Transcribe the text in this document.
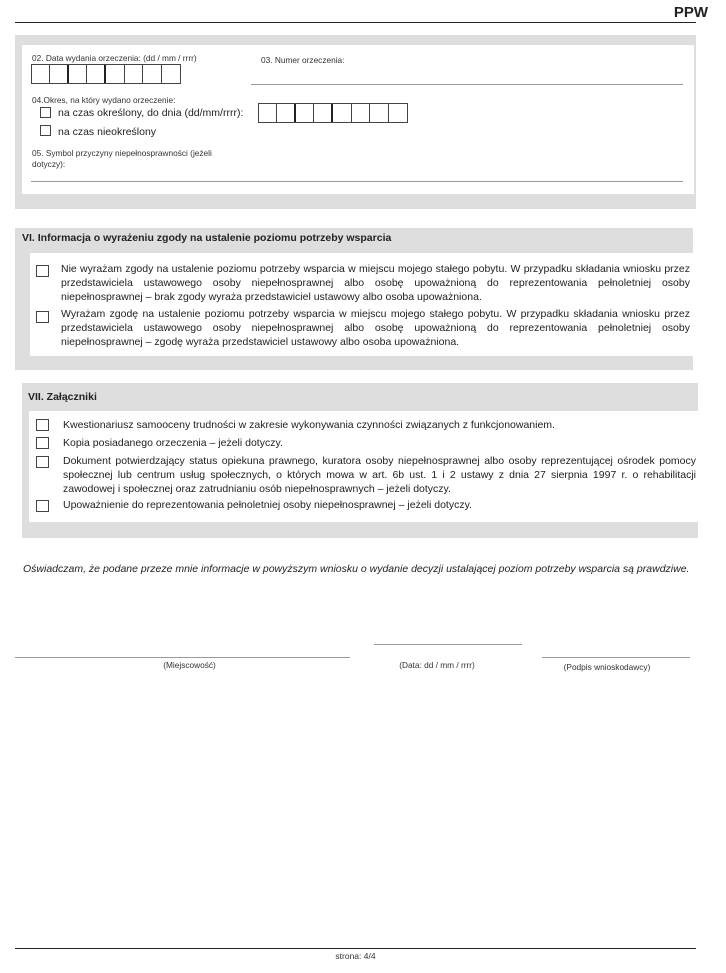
PPW
02. Data wydania orzeczenia: (dd / mm / rrrr)	03. Numer orzeczenia:
04.Okres, na który wydano orzeczenie:
na czas określony, do dnia (dd/mm/rrrr):
na czas nieokreślony
05. Symbol przyczyny niepełnosprawności (jeżeli dotyczy):
VI. Informacja o wyrażeniu zgody na ustalenie poziomu potrzeby wsparcia
Nie wyrażam zgody na ustalenie poziomu potrzeby wsparcia w miejscu mojego stałego pobytu. W przypadku składania wniosku przez przedstawiciela ustawowego osoby niepełnosprawnej albo osobę upoważnioną do reprezentowania pełnoletniej osoby niepełnosprawnej – brak zgody wyraża przedstawiciel ustawowy albo osoba upoważniona.
Wyrażam zgodę na ustalenie poziomu potrzeby wsparcia w miejscu mojego stałego pobytu. W przypadku składania wniosku przez przedstawiciela ustawowego osoby niepełnosprawnej albo osobę upoważnioną do reprezentowania pełnoletniej osoby niepełnosprawnej – zgodę wyraża przedstawiciel ustawowy albo osoba upoważniona.
VII. Załączniki
Kwestionariusz samooceny trudności w zakresie wykonywania czynności związanych z funkcjonowaniem.
Kopia posiadanego orzeczenia – jeżeli dotyczy.
Dokument potwierdzający status opiekuna prawnego, kuratora osoby niepełnosprawnej albo osoby reprezentującej ośrodek pomocy społecznej lub centrum usług społecznych, o których mowa w art. 6b ust. 1 i 2 ustawy z dnia 27 sierpnia 1997 r. o rehabilitacji zawodowej i społecznej oraz zatrudnianiu osób niepełnosprawnych – jeżeli dotyczy.
Upoważnienie do reprezentowania pełnoletniej osoby niepełnosprawnej – jeżeli dotyczy.
Oświadczam, że podane przeze mnie informacje w powyższym wniosku o wydanie decyzji ustalającej poziom potrzeby wsparcia są prawdziwe.
(Miejscowość)	(Data: dd / mm / rrrr)	(Podpis wnioskodawcy)
strona: 4/4
